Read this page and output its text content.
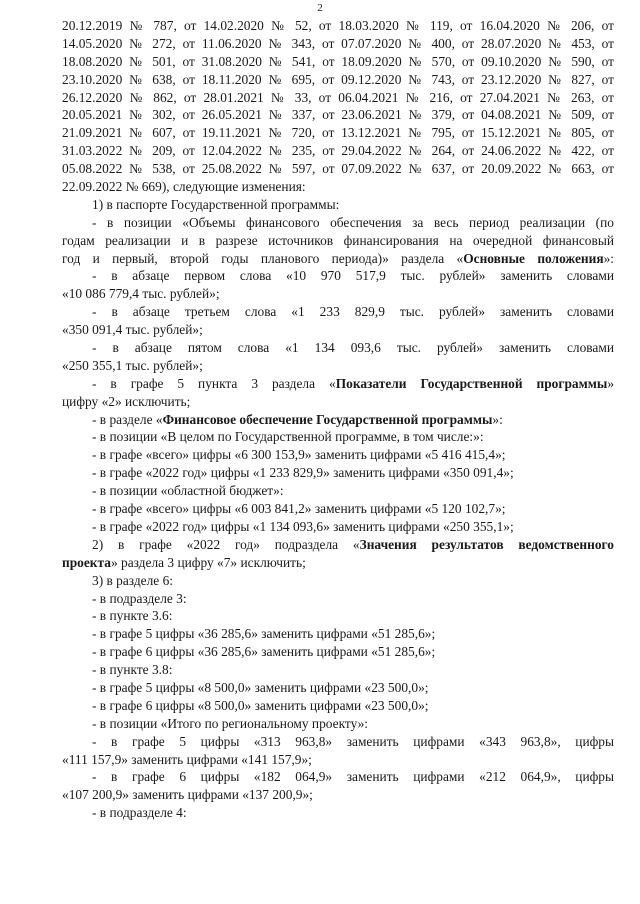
2
20.12.2019 № 787, от 14.02.2020 № 52, от 18.03.2020 № 119, от 16.04.2020 № 206, от
14.05.2020 № 272, от 11.06.2020 № 343, от 07.07.2020 № 400, от 28.07.2020 № 453, от
18.08.2020 № 501, от 31.08.2020 № 541, от 18.09.2020 № 570, от 09.10.2020 № 590, от
23.10.2020 № 638, от 18.11.2020 № 695, от 09.12.2020 № 743, от 23.12.2020 № 827, от
26.12.2020 № 862, от 28.01.2021 № 33, от 06.04.2021 № 216, от 27.04.2021 № 263, от
20.05.2021 № 302, от 26.05.2021 № 337, от 23.06.2021 № 379, от 04.08.2021 № 509, от
21.09.2021 № 607, от 19.11.2021 № 720, от 13.12.2021 № 795, от 15.12.2021 № 805, от
31.03.2022 № 209, от 12.04.2022 № 235, от 29.04.2022 № 264, от 24.06.2022 № 422, от
05.08.2022 № 538, от 25.08.2022 № 597, от 07.09.2022 № 637, от 20.09.2022 № 663, от
22.09.2022 № 669), следующие изменения:
1) в паспорте Государственной программы:
- в позиции «Объемы финансового обеспечения за весь период реализации (по
годам реализации и в разрезе источников финансирования на очередной финансовый
год и первый, второй годы планового периода)» раздела «Основные положения»:
- в абзаце первом слова «10 970 517,9 тыс. рублей» заменить словами
«10 086 779,4 тыс. рублей»;
- в абзаце третьем слова «1 233 829,9 тыс. рублей» заменить словами
«350 091,4 тыс. рублей»;
- в абзаце пятом слова «1 134 093,6 тыс. рублей» заменить словами
«250 355,1 тыс. рублей»;
- в графе 5 пункта 3 раздела «Показатели Государственной программы»
цифру «2» исключить;
- в разделе «Финансовое обеспечение Государственной программы»:
- в позиции «В целом по Государственной программе, в том числе:»:
- в графе «всего» цифры «6 300 153,9» заменить цифрами «5 416 415,4»;
- в графе «2022 год» цифры «1 233 829,9» заменить цифрами «350 091,4»;
- в позиции «областной бюджет»:
- в графе «всего» цифры «6 003 841,2» заменить цифрами «5 120 102,7»;
- в графе «2022 год» цифры «1 134 093,6» заменить цифрами «250 355,1»;
2) в графе «2022 год» подраздела «Значения результатов ведомственного
проекта» раздела 3 цифру «7» исключить;
3) в разделе 6:
- в подразделе 3:
- в пункте 3.6:
- в графе 5 цифры «36 285,6» заменить цифрами «51 285,6»;
- в графе 6 цифры «36 285,6» заменить цифрами «51 285,6»;
- в пункте 3.8:
- в графе 5 цифры «8 500,0» заменить цифрами «23 500,0»;
- в графе 6 цифры «8 500,0» заменить цифрами «23 500,0»;
- в позиции «Итого по региональному проекту»:
- в графе 5 цифры «313 963,8» заменить цифрами «343 963,8», цифры
«111 157,9» заменить цифрами «141 157,9»;
- в графе 6 цифры «182 064,9» заменить цифрами «212 064,9», цифры
«107 200,9» заменить цифрами «137 200,9»;
- в подразделе 4:
